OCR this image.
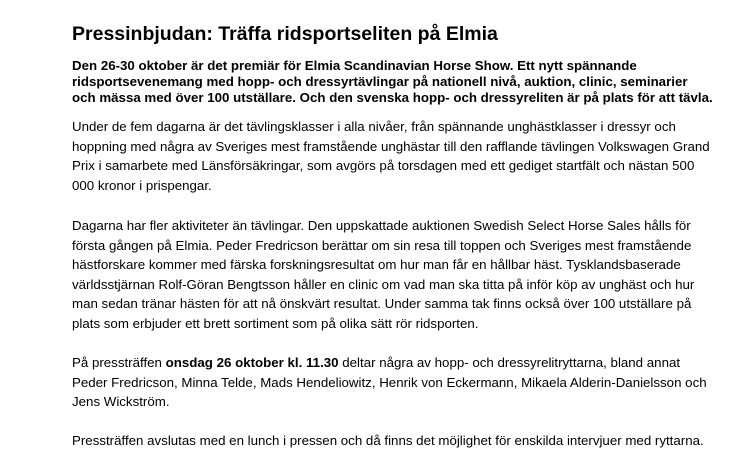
Pressinbjudan: Träffa ridsportseliten på Elmia

Den 26-30 oktober är det premiär för Elmia Scandinavian Horse Show. Ett nytt spännande
ridsportsevenemang med hopp- och dressyrtävlingar på nationell nivå, auktion, clinic, seminarier
och mässa med över 100 utställare. Och den svenska hopp- och dressyreliten är på plats för att tävla.

Under de fem dagarna är det tävlingsklasser i alla nivåer, från spännande unghästklasser i dressyr och
hoppning med några av Sveriges mest framstående unghästar till den rafflande tävlingen Volkswagen Grand
Prix i samarbete med Länsförsäkringar, som avgörs på torsdagen med ett gediget startfält och nästan 500
000 kronor i prispengar.

Dagarna har fler aktiviteter än tävlingar. Den uppskattade auktionen Swedish Select Horse Sales hålls för
första gången på Elmia. Peder Fredricson berättar om sin resa till toppen och Sveriges mest framstående
hästforskare kommer med färska forskningsresultat om hur man får en hållbar häst. Tysklandsbaserade
världsstjärnan Rolf-Göran Bengtsson håller en clinic om vad man ska titta på inför köp av unghäst och hur
man sedan tränar hästen för att nå önskvärt resultat. Under samma tak finns också över 100 utställare på
plats som erbjuder ett brett sortiment som på olika sätt rör ridsporten.

På pressträffen onsdag 26 oktober kl. 11.30 deltar några av hopp- och dressyrelitryttarna, bland annat
Peder Fredricson, Minna Telde, Mads Hendeliowitz, Henrik von Eckermann, Mikaela Alderin-Danielsson och
Jens Wickström.

Pressträffen avslutas med en lunch i pressen och då finns det möjlighet för enskilda intervjuer med ryttarna.
